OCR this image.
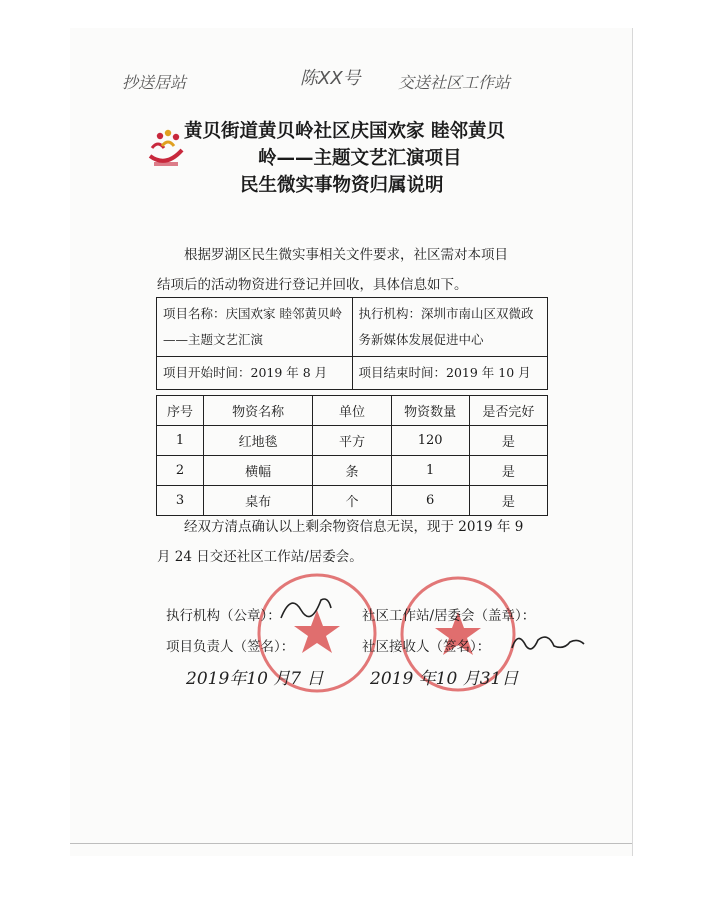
抄送居站	陈XX号 交送社区工作站
黄贝街道黄贝岭社区庆国欢家 睦邻黄贝
岭——主题文艺汇演项目
民生微实事物资归属说明
根据罗湖区民生微实事相关文件要求，社区需对本项目
结项后的活动物资进行登记并回收，具体信息如下。
项目名称：庆国欢家 睦邻黄贝岭——主题文艺汇演	执行机构：深圳市南山区双微政务新媒体发展促进中心
项目开始时间：2019 年 8 月	项目结束时间：2019 年 10 月
序号	物资名称	单位	物资数量	是否完好
1	红地毯	平方	120	是
2	横幅	条	1	是
3	桌布	个	6	是
经双方清点确认以上剩余物资信息无误，现于 2019 年 9
月 24 日交还社区工作站/居委会。
执行机构（公章）：	社区工作站/居委会（盖章）：
项目负责人（签名）：	社区接收人（签名）：
2019年10 月7 日	2019 年10 月31日
